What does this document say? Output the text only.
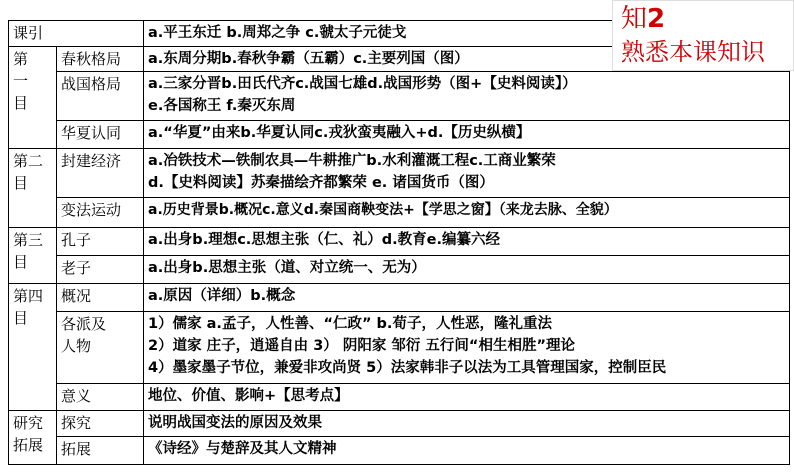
课引		a.平王东迁 b.周郑之争 c.虢太子元徒戈

第一目	春秋格局	a.东周分期b.春秋争霸（五霸）c.主要列国（图）
	战国格局	a.三家分晋b.田氏代齐c.战国七雄d.战国形势（图+【史料阅读】）
e.各国称王 f.秦灭东周

	华夏认同	a.“华夏”由来b.华夏认同c.戎狄蛮夷融入+d.【历史纵横】

第二目	封建经济	a.冶铁技术—铁制农具—牛耕推广b.水利灌溉工程c.工商业繁荣
d.【史料阅读】苏秦描绘齐都繁荣 e. 诸国货币（图）

	变法运动	a.历史背景b.概况c.意义d.秦国商鞅变法+【学思之窗】（来龙去脉、全貌）

第三目	孔子	a.出身b.理想c.思想主张（仁、礼）d.教育e.编纂六经
	老子	a.出身b.思想主张（道、对立统一、无为）

第四目	概况	a.原因（详细）b.概念

	各派及人物	1）儒家 a.孟子，人性善、“仁政” b.荀子，人性恶，隆礼重法
2）道家 庄子，逍遥自由 3） 阴阳家 邹衍 五行间“相生相胜”理论
4）墨家墨子节位，兼爱非攻尚贤 5）法家韩非子以法为工具管理国家，控制臣民

	意义	地位、价值、影响+【思考点】

研究拓展	探究	说明战国变法的原因及效果
	拓展	《诗经》与楚辞及其人文精神
知2
熟悉本课知识
